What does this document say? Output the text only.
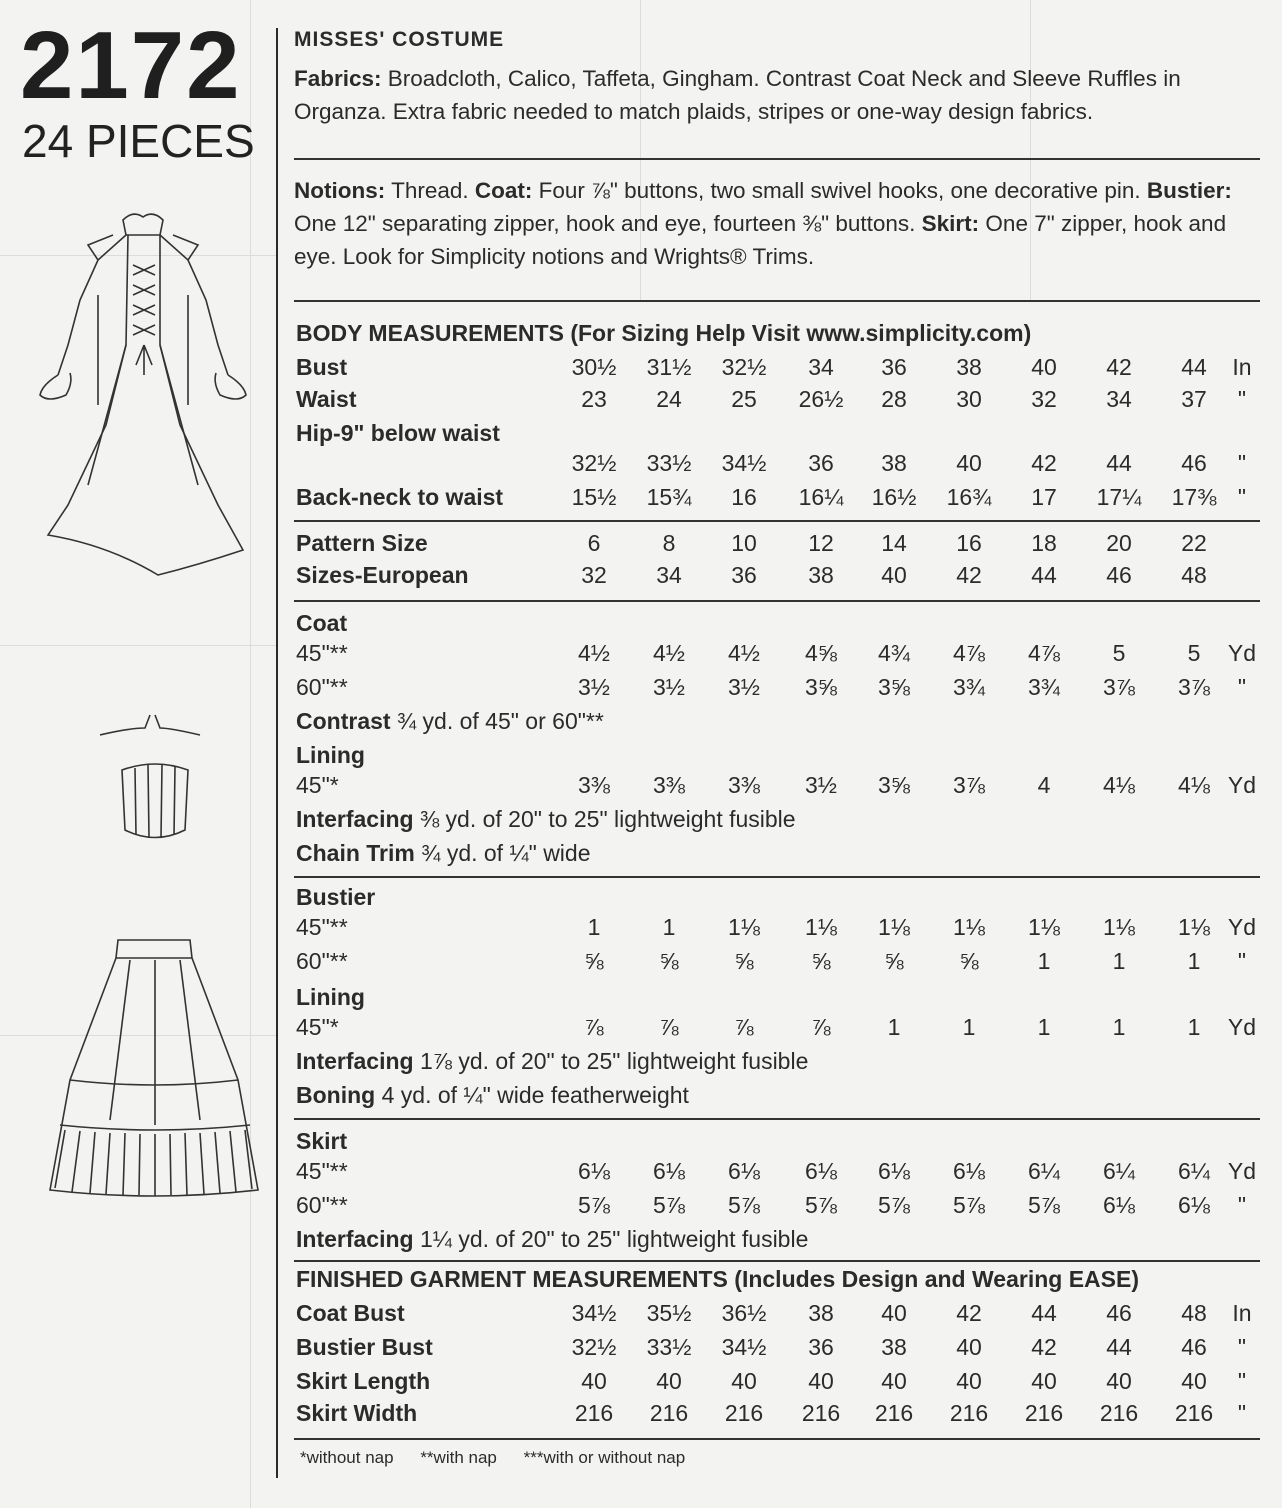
2172
24 PIECES
MISSES' COSTUME
Fabrics: Broadcloth, Calico, Taffeta, Gingham. Contrast Coat Neck and Sleeve Ruffles in Organza. Extra fabric needed to match plaids, stripes or one-way design fabrics.
Notions: Thread. Coat: Four ⅞" buttons, two small swivel hooks, one decorative pin. Bustier: One 12" separating zipper, hook and eye, fourteen ⅜" buttons. Skirt: One 7" zipper, hook and eye. Look for Simplicity notions and Wrights® Trims.
BODY MEASUREMENTS (For Sizing Help Visit www.simplicity.com)
Bust	30½	31½	32½	34	36	38	40	42	44	In
Waist	23	24	25	26½	28	30	32	34	37	"
Hip-9" below waist
32½	33½	34½	36	38	40	42	44	46	"
Back-neck to waist	15½	15¾	16	16¼	16½	16¾	17	17¼	17⅜ "
Pattern Size	6	8	10	12	14	16	18	20	22
Sizes-European	32	34	36	38	40	42	44	46	48
Coat
45"**	4½	4½	4½	4⅝	4¾	4⅞	4⅞	5	5	Yd
60"**	3½	3½	3½	3⅝	3⅝	3¾	3¾	3⅞	3⅞	"
Contrast ¾ yd. of 45" or 60"**
Lining
45"*	3⅜	3⅜	3⅜	3½	3⅝	3⅞	4	4⅛	4⅛ Yd
Interfacing ⅜ yd. of 20" to 25" lightweight fusible
Chain Trim ¾ yd. of ¼" wide
Bustier
45"**	1	1	1⅛	1⅛	1⅛	1⅛	1⅛	1⅛	1⅛ Yd
60"**	⅝	⅝	⅝	⅝	⅝	⅝	1	1	1	"
Lining
45"*	⅞	⅞	⅞	⅞	1	1	1	1	1	Yd
Interfacing 1⅞ yd. of 20" to 25" lightweight fusible
Boning 4 yd. of ¼" wide featherweight
Skirt
45"**	6⅛	6⅛	6⅛	6⅛	6⅛	6⅛	6¼	6¼	6¼ Yd
60"**	5⅞	5⅞	5⅞	5⅞	5⅞	5⅞	5⅞	6⅛	6⅛	"
Interfacing 1¼ yd. of 20" to 25" lightweight fusible
FINISHED GARMENT MEASUREMENTS (Includes Design and Wearing EASE)
Coat Bust	34½	35½	36½	38	40	42	44	46	48	In
Bustier Bust	32½	33½	34½	36	38	40	42	44	46	"
Skirt Length	40	40	40	40	40	40	40	40	40	"
Skirt Width	216	216	216	216	216	216	216	216	216	"
*without nap **with nap ***with or without nap
